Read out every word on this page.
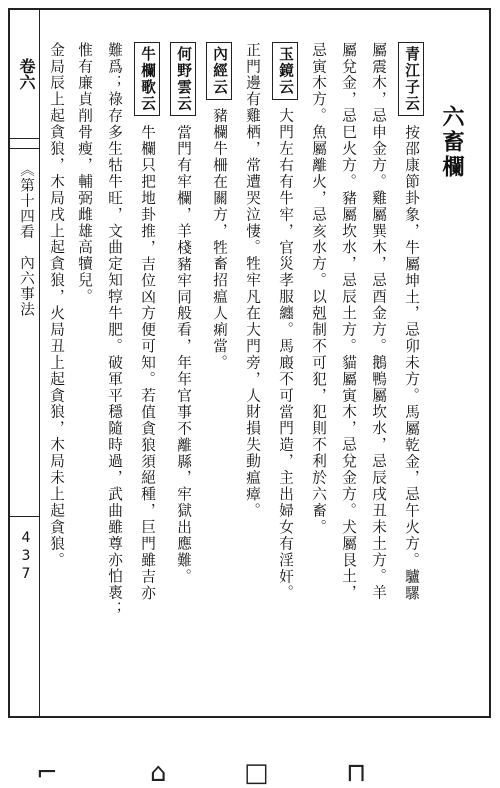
卷六
《第十四看　內六事法
437
六畜欄
青江子云按邵康節卦象，牛屬坤土，忌卯未方。馬屬乾金，忌午火方。驢騾
屬震木，忌申金方。雞屬巽木，忌酉金方。鵝鴨屬坎水，忌辰戌丑未土方。羊
屬兌金，忌巳火方。豬屬坎水，忌辰土方。貓屬寅木，忌兌金方。犬屬艮土，
忌寅木方。魚屬離火，忌亥水方。以剋制不可犯，犯則不利於六畜。
玉鏡云大門左右有牛牢，官災孝服纏。馬廄不可當門造，主出婦女有淫奸。
正門邊有雞栖，常遭哭泣悽。牲牢凡在大門旁，人財損失動瘟瘴。
內經云豬欄牛柵在關方，牲畜招瘟人痢當。
何野雲云當門有牢欄，羊棧豬牢同般看，年年官事不離縣，牢獄出應難。
牛欄歌云牛欄只把地卦推，吉位凶方便可知。若值貪狼須絕種，巨門雖吉亦
難爲；祿存多生牯牛旺，文曲定知犉牛肥。破軍平穩隨時過，武曲雖尊亦怕褭；
惟有廉貞削骨瘦，輔弼雌雄高犢兒。
金局辰上起貪狼，木局戌上起貪狼，火局丑上起貪狼，木局未上起貪狼。
⌐	⌂	□	⊓
